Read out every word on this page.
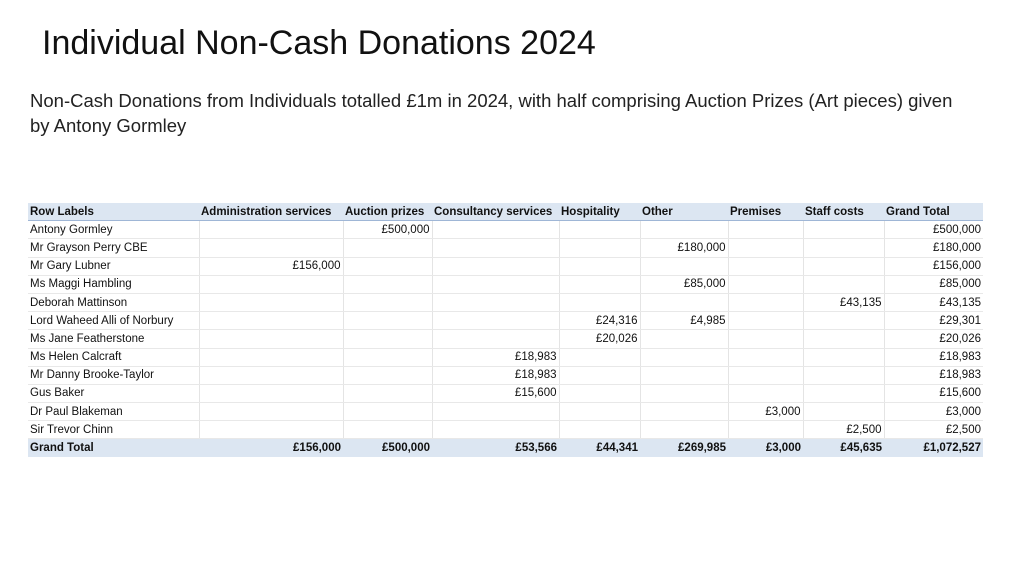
Individual Non-Cash Donations 2024

Non-Cash Donations from Individuals totalled £1m in 2024, with half comprising Auction Prizes (Art pieces) given by Antony Gormley

Row Labels	Administration services	Auction prizes	Consultancy services	Hospitality	Other	Premises	Staff costs	Grand Total
Antony Gormley		£500,000						£500,000
Mr Grayson Perry CBE					£180,000			£180,000
Mr Gary Lubner	£156,000							£156,000
Ms Maggi Hambling					£85,000			£85,000
Deborah Mattinson							£43,135	£43,135
Lord Waheed Alli of Norbury				£24,316	£4,985			£29,301
Ms Jane Featherstone				£20,026				£20,026
Ms Helen Calcraft			£18,983					£18,983
Mr Danny Brooke-Taylor			£18,983					£18,983
Gus Baker			£15,600					£15,600
Dr Paul Blakeman						£3,000		£3,000
Sir Trevor Chinn							£2,500	£2,500
Grand Total	£156,000	£500,000	£53,566	£44,341	£269,985	£3,000	£45,635	£1,072,527
